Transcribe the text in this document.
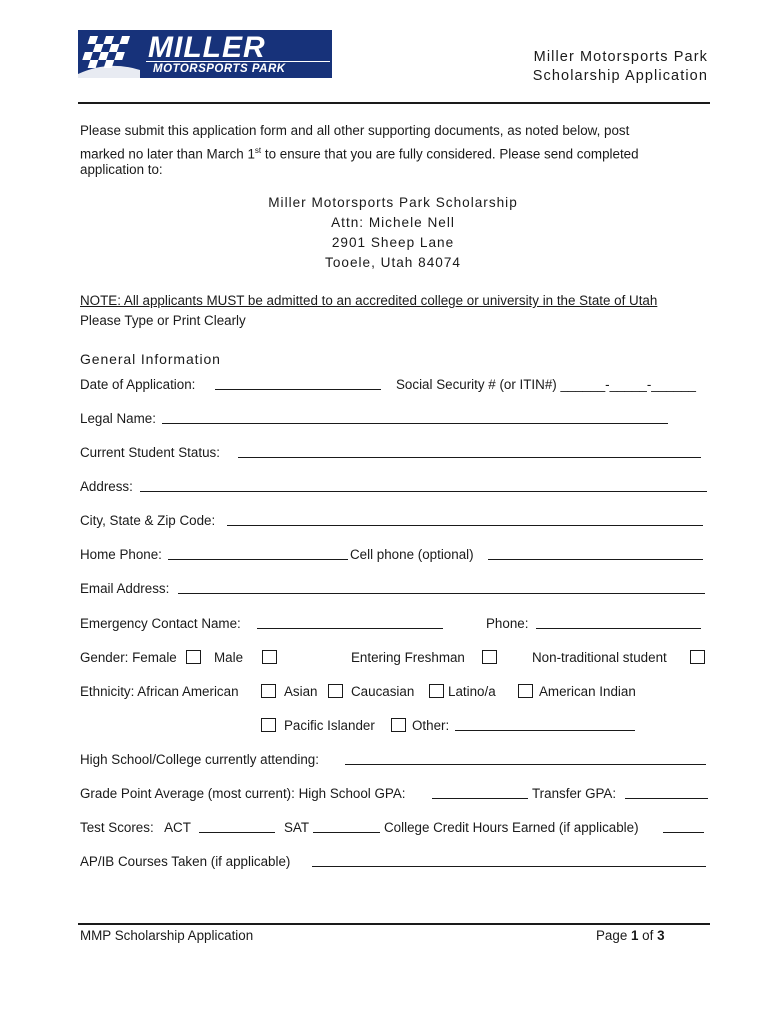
MILLER
MOTORSPORTS PARK
Miller Motorsports Park
Scholarship Application
Please submit this application form and all other supporting documents, as noted below, post
marked no later than March 1st to ensure that you are fully considered. Please send completed
application to:
Miller Motorsports Park Scholarship
Attn: Michele Nell
2901 Sheep Lane
Tooele, Utah 84074
NOTE: All applicants MUST be admitted to an accredited college or university in the State of Utah
Please Type or Print Clearly
General Information
Date of Application:	Social Security # (or ITIN#) ______-_____-______
Legal Name:
Current Student Status:
Address:
City, State & Zip Code:
Home Phone:	Cell phone (optional)
Email Address:
Emergency Contact Name:	Phone:
Gender: Female	Male	Entering Freshman	Non-traditional student
Ethnicity: African American	Asian	Caucasian	Latino/a	American Indian
Pacific Islander	Other:
High School/College currently attending:
Grade Point Average (most current): High School GPA:	Transfer GPA:
Test Scores:   ACT	SAT	College Credit Hours Earned (if applicable)
AP/IB Courses Taken (if applicable)
MMP Scholarship Application	Page 1 of 3
